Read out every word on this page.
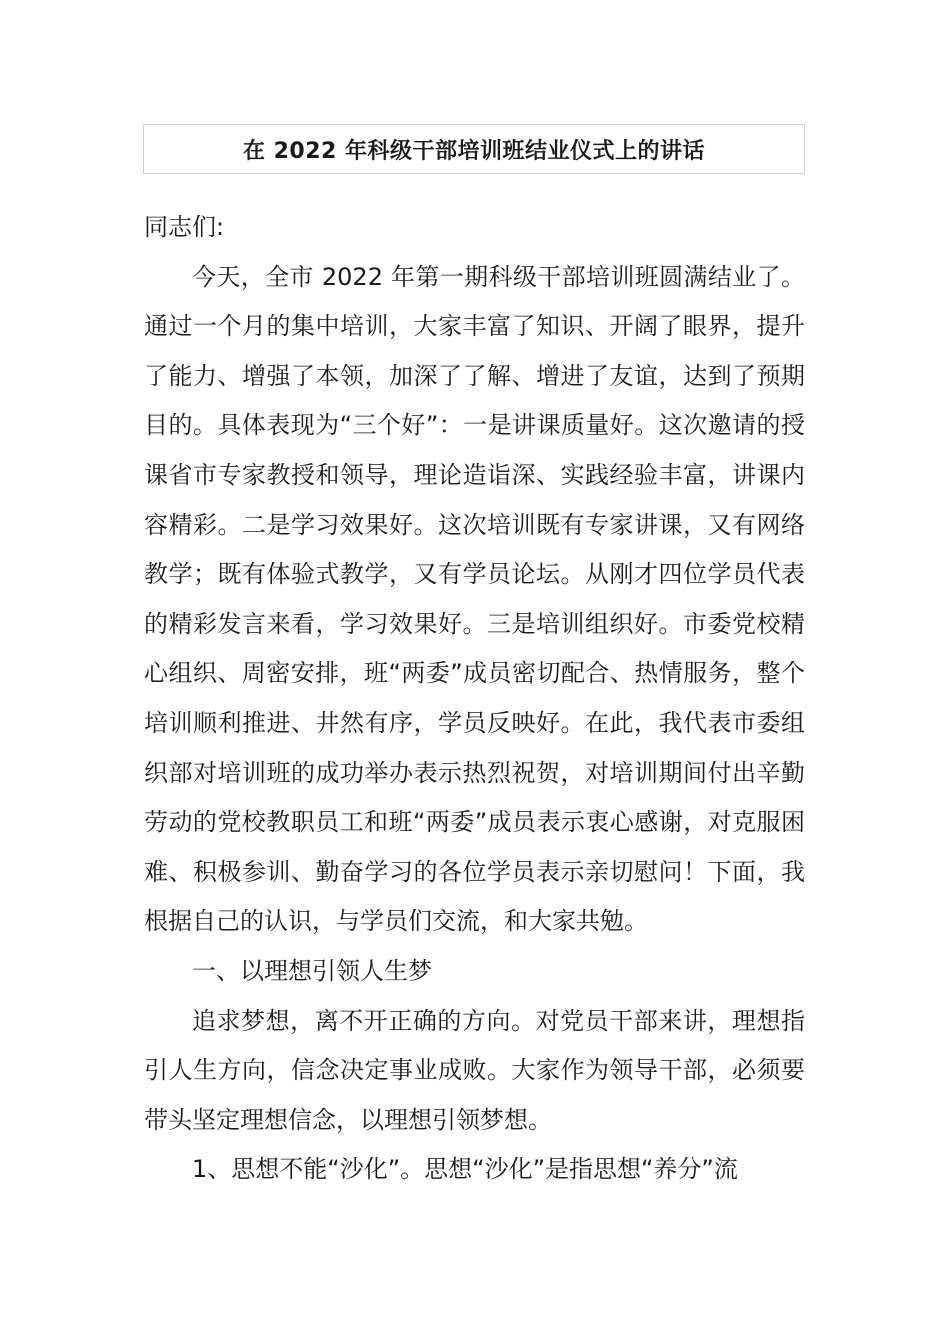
在 2022 年科级干部培训班结业仪式上的讲话

同志们:

今天，全市 2022 年第一期科级干部培训班圆满结业了。通过一个月的集中培训，大家丰富了知识、开阔了眼界，提升了能力、增强了本领，加深了了解、增进了友谊，达到了预期目的。具体表现为“三个好”：一是讲课质量好。这次邀请的授课省市专家教授和领导，理论造诣深、实践经验丰富，讲课内容精彩。二是学习效果好。这次培训既有专家讲课，又有网络教学；既有体验式教学，又有学员论坛。从刚才四位学员代表的精彩发言来看，学习效果好。三是培训组织好。市委党校精心组织、周密安排，班“两委”成员密切配合、热情服务，整个培训顺利推进、井然有序，学员反映好。在此，我代表市委组织部对培训班的成功举办表示热烈祝贺，对培训期间付出辛勤劳动的党校教职员工和班“两委”成员表示衷心感谢，对克服困难、积极参训、勤奋学习的各位学员表示亲切慰问！下面，我根据自己的认识，与学员们交流，和大家共勉。

一、以理想引领人生梦

追求梦想，离不开正确的方向。对党员干部来讲，理想指引人生方向，信念决定事业成败。大家作为领导干部，必须要带头坚定理想信念，以理想引领梦想。

1、思想不能“沙化”。思想“沙化”是指思想“养分”流
